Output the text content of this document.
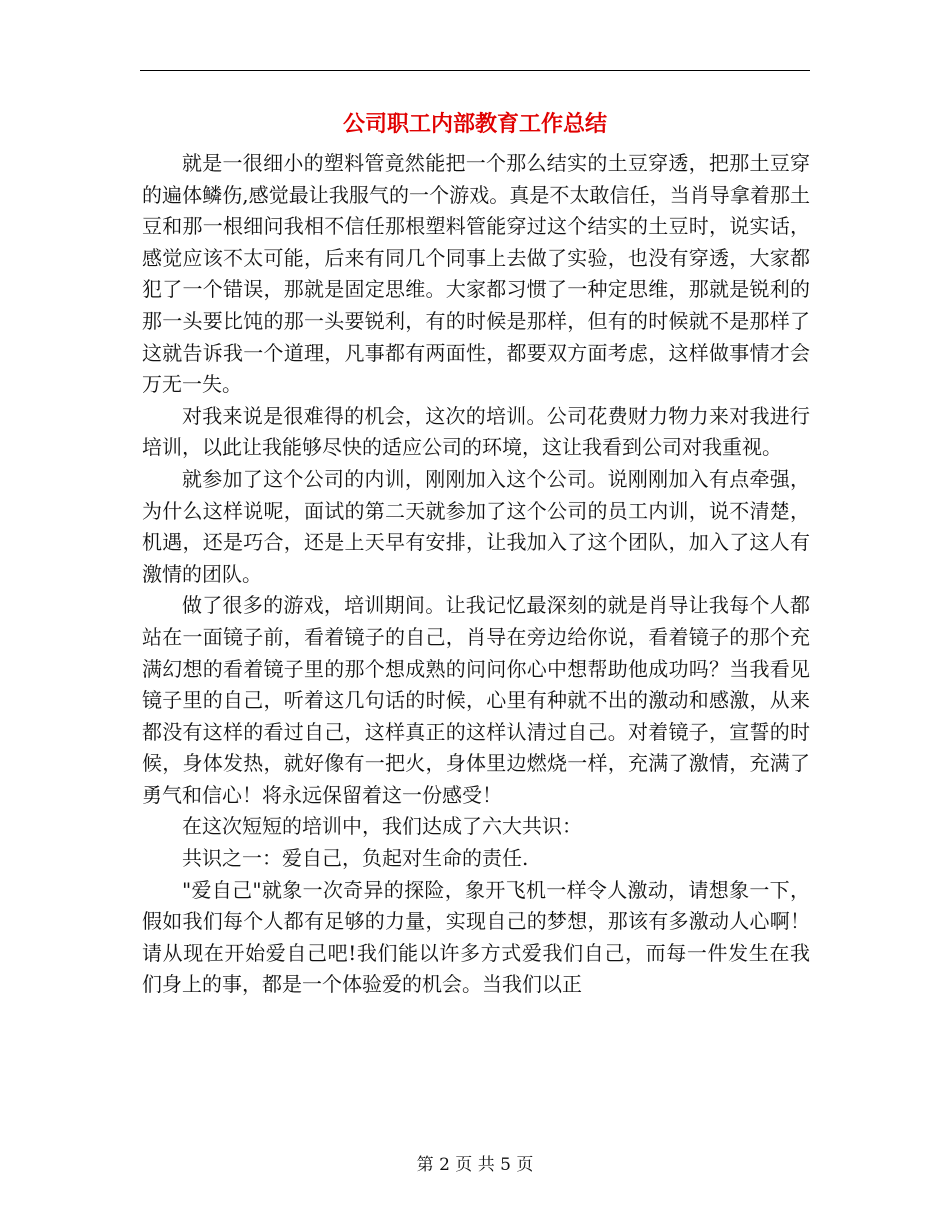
公司职工内部教育工作总结

就是一很细小的塑料管竟然能把一个那么结实的土豆穿透，把那土豆穿的遍体鳞伤,感觉最让我服气的一个游戏。真是不太敢信任，当肖导拿着那土豆和那一根细问我相不信任那根塑料管能穿过这个结实的土豆时，说实话，感觉应该不太可能，后来有同几个同事上去做了实验，也没有穿透，大家都犯了一个错误，那就是固定思维。大家都习惯了一种定思维，那就是锐利的那一头要比饨的那一头要锐利，有的时候是那样，但有的时候就不是那样了这就告诉我一个道理，凡事都有两面性，都要双方面考虑，这样做事情才会万无一失。

对我来说是很难得的机会，这次的培训。公司花费财力物力来对我进行培训，以此让我能够尽快的适应公司的环境，这让我看到公司对我重视。

就参加了这个公司的内训，刚刚加入这个公司。说刚刚加入有点牵强，为什么这样说呢，面试的第二天就参加了这个公司的员工内训，说不清楚，机遇，还是巧合，还是上天早有安排，让我加入了这个团队，加入了这人有激情的团队。

做了很多的游戏，培训期间。让我记忆最深刻的就是肖导让我每个人都站在一面镜子前，看着镜子的自己，肖导在旁边给你说，看着镜子的那个充满幻想的看着镜子里的那个想成熟的问问你心中想帮助他成功吗？当我看见镜子里的自己，听着这几句话的时候，心里有种就不出的激动和感激，从来都没有这样的看过自己，这样真正的这样认清过自己。对着镜子，宣誓的时候，身体发热，就好像有一把火，身体里边燃烧一样，充满了激情，充满了勇气和信心！将永远保留着这一份感受！

在这次短短的培训中，我们达成了六大共识：

共识之一：爱自己，负起对生命的责任.

"爱自己"就象一次奇异的探险，象开飞机一样令人激动，请想象一下，假如我们每个人都有足够的力量，实现自己的梦想，那该有多激动人心啊！请从现在开始爱自己吧!我们能以许多方式爱我们自己，而每一件发生在我们身上的事，都是一个体验爱的机会。当我们以正

第 2 页 共 5 页
